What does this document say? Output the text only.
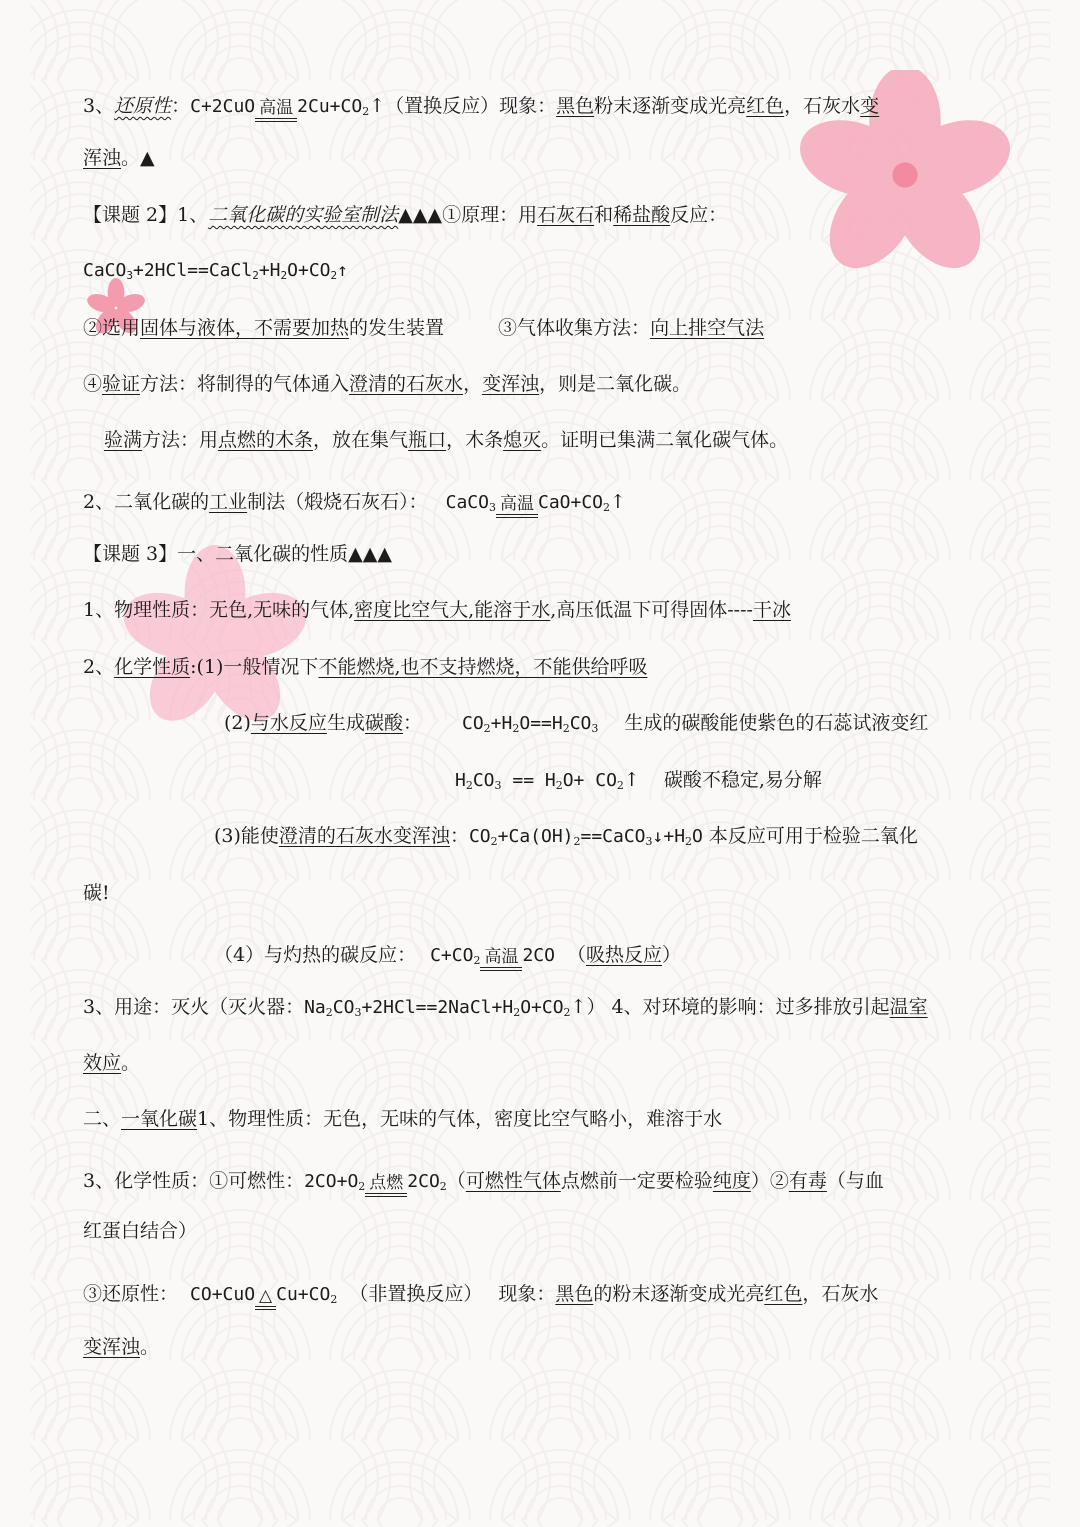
3、还原性：C+2CuO 高温 $2Cu+CO_2↑$（置换反应）现象：黑色粉末逐渐变成光亮红色，石灰水变
浑浊。▲
【课题 2】1、二氧化碳的实验室制法▲▲▲①原理：用石灰石和稀盐酸反应：
$CaCO_3+2HCl==CaCl_2+H_2O+CO_2↑$
②选用固体与液体，不需要加热的发生装置	③气体收集方法：向上排空气法
④验证方法：将制得的气体通入澄清的石灰水，变浑浊，则是二氧化碳。
验满方法：用点燃的木条，放在集气瓶口，木条熄灭。证明已集满二氧化碳气体。
2、二氧化碳的工业制法（煅烧石灰石）： CaCO$_3$ 高温 $CaO+CO_2↑$
【课题 3】一、二氧化碳的性质▲▲▲
1、物理性质：无色,无味的气体,密度比空气大,能溶于水,高压低温下可得固体----干冰
2、化学性质:(1)一般情况下不能燃烧,也不支持燃烧，不能供给呼吸
(2)与水反应生成碳酸： $CO_2+H_2O==H_2CO_3$ 生成的碳酸能使紫色的石蕊试液变红
$H_2CO_3 == H_2O+$ $CO_2↑$ 碳酸不稳定,易分解
(3)能使澄清的石灰水变浑浊：$CO_2+Ca(OH)_2==CaCO_3↓+H_2O$ 本反应可用于检验二氧化
碳!
（4）与灼热的碳反应： $C+CO_2$ 高温 2CO （吸热反应）
3、用途：灭火（灭火器：$Na_2CO_3+2HCl==2NaCl+H_2O+CO_2↑$） 4、对环境的影响：过多排放引起温室
效应。
二、一氧化碳1、物理性质：无色，无味的气体，密度比空气略小，难溶于水
3、化学性质：①可燃性：$2CO+O_2$ 点燃 $2CO_2$（可燃性气体点燃前一定要检验纯度）②有毒（与血
红蛋白结合）
③还原性： CO+CuO △ $Cu+CO_2$ （非置换反应） 现象：黑色的粉末逐渐变成光亮红色，石灰水
变浑浊。
